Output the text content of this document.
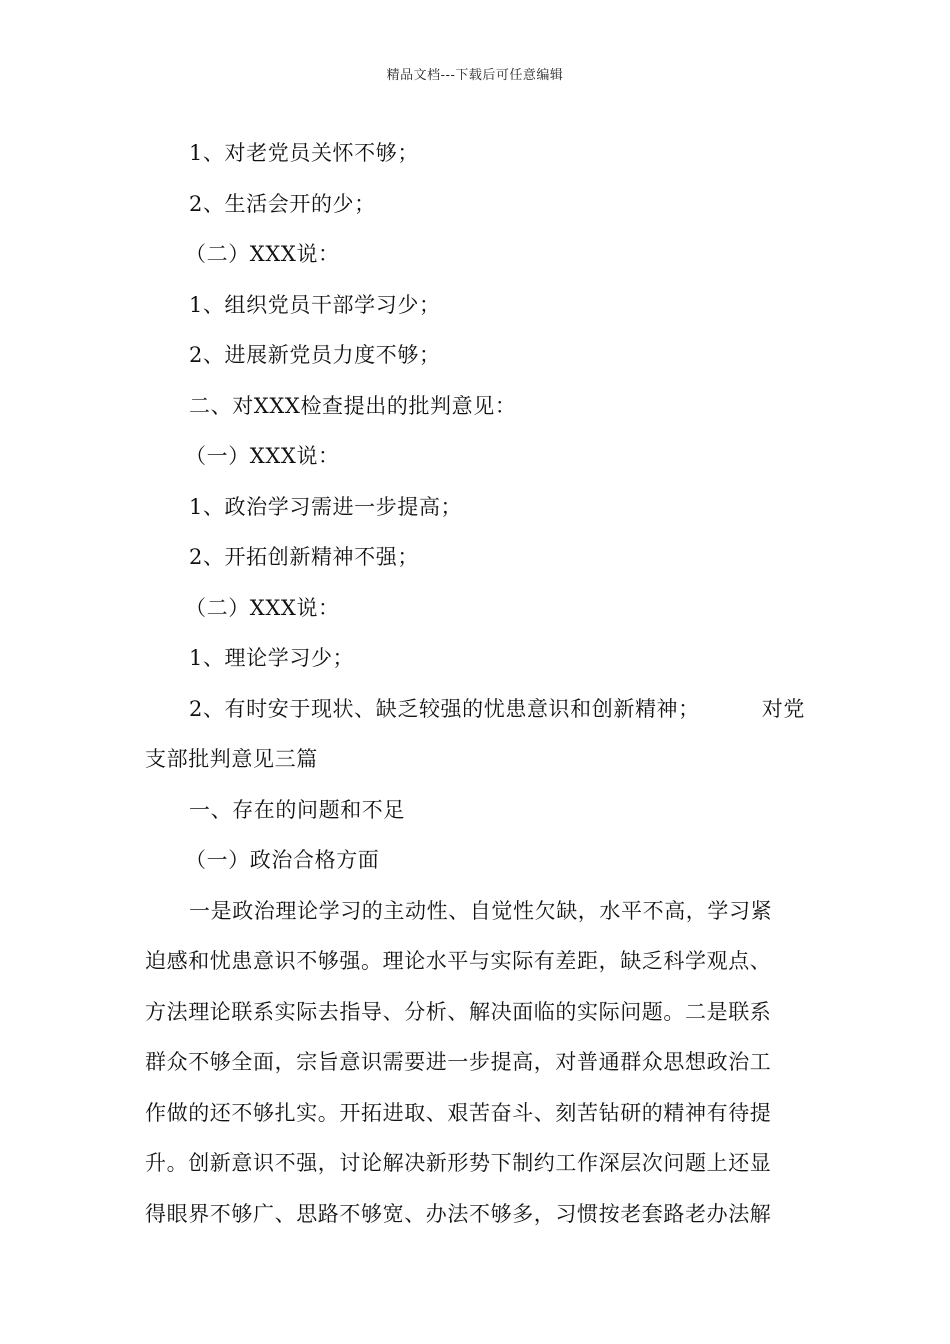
精品文档---下载后可任意编辑
1、对老党员关怀不够；
2、生活会开的少；
（二）XXX说：
1、组织党员干部学习少；
2、进展新党员力度不够；
二、对XXX检查提出的批判意见：
（一）XXX说：
1、政治学习需进一步提高；
2、开拓创新精神不强；
（二）XXX说：
1、理论学习少；
2、有时安于现状、缺乏较强的忧患意识和创新精神；	对党
支部批判意见三篇
一、存在的问题和不足
（一）政治合格方面
一是政治理论学习的主动性、自觉性欠缺，水平不高，学习紧
迫感和忧患意识不够强。理论水平与实际有差距，缺乏科学观点、
方法理论联系实际去指导、分析、解决面临的实际问题。二是联系
群众不够全面，宗旨意识需要进一步提高，对普通群众思想政治工
作做的还不够扎实。开拓进取、艰苦奋斗、刻苦钻研的精神有待提
升。创新意识不强，讨论解决新形势下制约工作深层次问题上还显
得眼界不够广、思路不够宽、办法不够多，习惯按老套路老办法解
